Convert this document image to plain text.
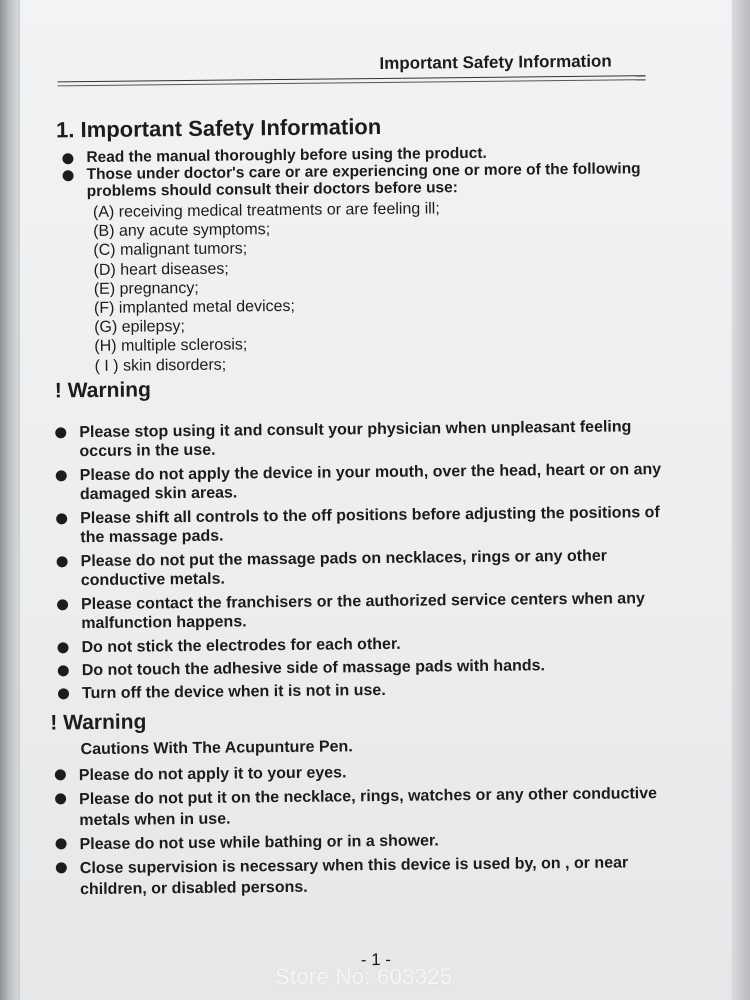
Important Safety Information
1. Important Safety Information
Read the manual thoroughly before using the product.
Those under doctor's care or are experiencing one or more of the following problems should consult their doctors before use:
(A) receiving medical treatments or are feeling ill;
(B) any acute symptoms;
(C) malignant tumors;
(D) heart diseases;
(E) pregnancy;
(F) implanted metal devices;
(G) epilepsy;
(H) multiple sclerosis;
( I ) skin disorders;
! Warning
Please stop using it and consult your physician when unpleasant feeling occurs in the use.
Please do not apply the device in your mouth, over the head, heart or on any damaged skin areas.
Please shift all controls to the off positions before adjusting the positions of the massage pads.
Please do not put the massage pads on necklaces, rings or any other conductive metals.
Please contact the franchisers or the authorized service centers when any malfunction happens.
Do not stick the electrodes for each other.
Do not touch the adhesive side of massage pads with hands.
Turn off the device when it is not in use.
! Warning
Cautions With The Acupunture Pen.
Please do not apply it to your eyes.
Please do not put it on the necklace, rings, watches or any other conductive metals when in use.
Please do not use while bathing or in a shower.
Close supervision is necessary when this device is used by, on , or near children, or disabled persons.
- 1 -
Store No: 603325
